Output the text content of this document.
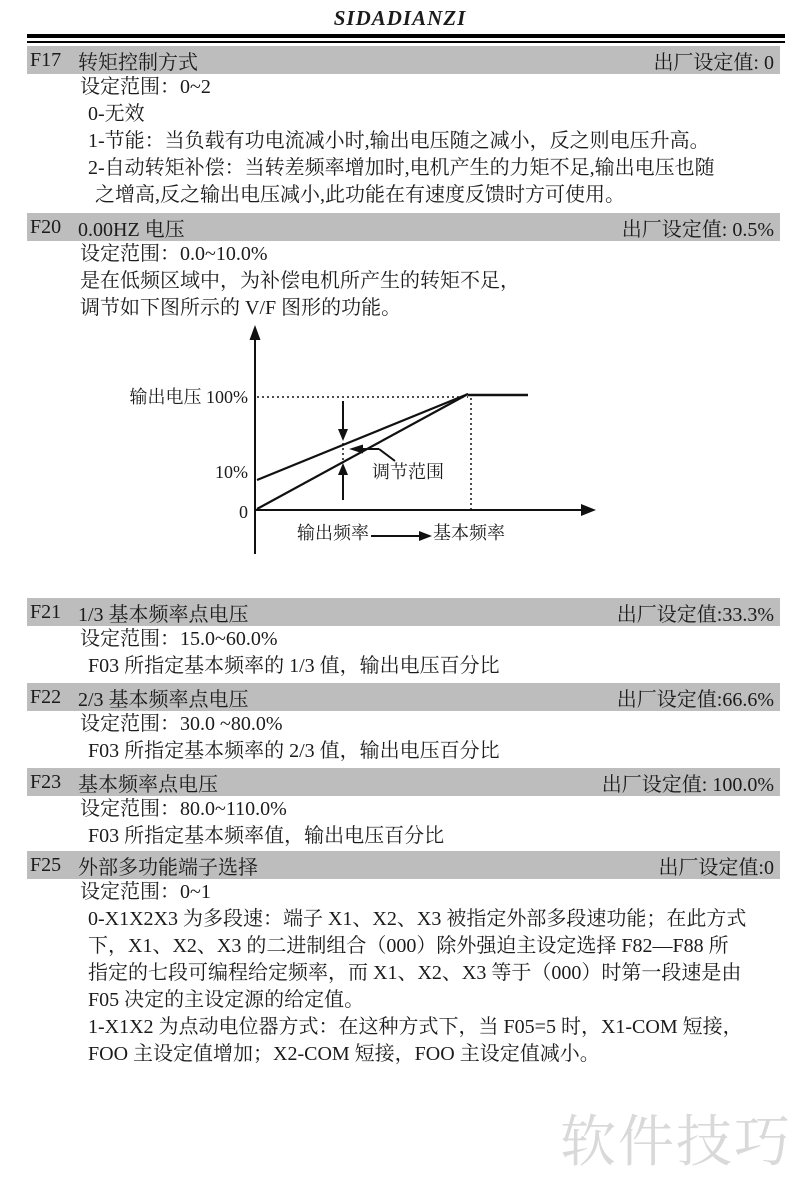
SIDADIANZI
F17 转矩控制方式	出厂设定值: 0
设定范围：0~2
0-无效
1-节能：当负载有功电流减小时,输出电压随之减小，反之则电压升高。
2-自动转矩补偿：当转差频率增加时,电机产生的力矩不足,输出电压也随
之增高,反之输出电压减小,此功能在有速度反馈时方可使用。
F20 0.00HZ 电压	出厂设定值: 0.5%
设定范围：0.0~10.0%
是在低频区域中，为补偿电机所产生的转矩不足，
调节如下图所示的 V/F 图形的功能。
输出电压 100%
10%
0
输出频率	基本频率
调节范围
F21 1/3 基本频率点电压	出厂设定值:33.3%
设定范围：15.0~60.0%
F03 所指定基本频率的 1/3 值，输出电压百分比
F22 2/3 基本频率点电压	出厂设定值:66.6%
设定范围：30.0 ~80.0%
F03 所指定基本频率的 2/3 值，输出电压百分比
F23 基本频率点电压	出厂设定值: 100.0%
设定范围：80.0~110.0%
F03 所指定基本频率值，输出电压百分比
F25 外部多功能端子选择	出厂设定值:0
设定范围：0~1
0-X1X2X3 为多段速：端子 X1、X2、X3 被指定外部多段速功能；在此方式
下，X1、X2、X3 的二进制组合（000）除外强迫主设定选择 F82—F88 所
指定的七段可编程给定频率，而 X1、X2、X3 等于（000）时第一段速是由
F05 决定的主设定源的给定值。
1-X1X2 为点动电位器方式：在这种方式下，当 F05=5 时，X1-COM 短接，
FOO 主设定值增加；X2-COM 短接，FOO 主设定值减小。
软件技巧
